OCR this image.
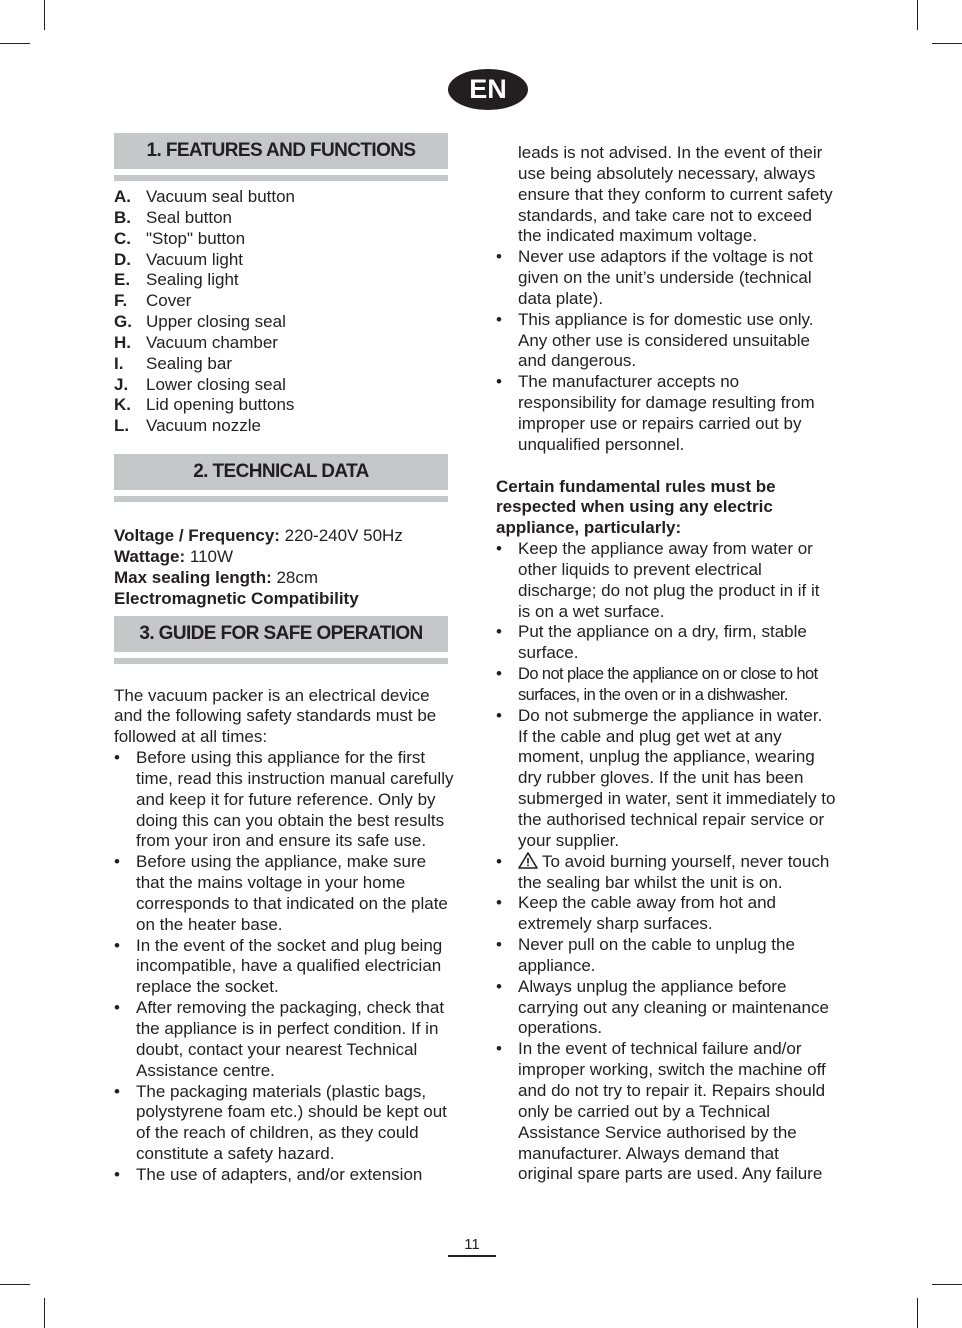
EN
1. FEATURES AND FUNCTIONS
A. Vacuum seal button
B. Seal button
C. "Stop" button
D. Vacuum light
E. Sealing light
F.	Cover
G. Upper closing seal
H. Vacuum chamber
I.	Sealing bar
J.	Lower closing seal
K. Lid opening buttons
L. Vacuum nozzle
2. TECHNICAL DATA
Voltage / Frequency: 220-240V 50Hz
Wattage: 110W
Max sealing length: 28cm
Electromagnetic Compatibility
3. GUIDE FOR SAFE OPERATION

The vacuum packer is an electrical device and the following safety standards must be followed at all times:

• Before using this appliance for the first time, read this instruction manual carefully and keep it for future reference. Only by doing this can you obtain the best results from your iron and ensure its safe use.
• Before using the appliance, make sure that the mains voltage in your home corresponds to that indicated on the plate on the heater base.
• In the event of the socket and plug being incompatible, have a qualified electrician replace the socket.
• After removing the packaging, check that the appliance is in perfect condition. If in doubt, contact your nearest Technical Assistance centre.
• The packaging materials (plastic bags, polystyrene foam etc.) should be kept out of the reach of children, as they could constitute a safety hazard.
• The use of adapters, and/or extension
leads is not advised. In the event of their use being absolutely necessary, always ensure that they conform to current safety standards, and take care not to exceed the indicated maximum voltage.
• Never use adaptors if the voltage is not given on the unit’s underside (technical data plate).
• This appliance is for domestic use only. Any other use is considered unsuitable and dangerous.
• The manufacturer accepts no responsibility for damage resulting from improper use or repairs carried out by unqualified personnel.
Certain fundamental rules must be respected when using any electric appliance, particularly:
• Keep the appliance away from water or other liquids to prevent electrical discharge; do not plug the product in if it is on a wet surface.
• Put the appliance on a dry, firm, stable surface.
• Do not place the appliance on or close to hot surfaces, in the oven or in a dishwasher.
• Do not submerge the appliance in water. If the cable and plug get wet at any moment, unplug the appliance, wearing dry rubber gloves. If the unit has been submerged in water, sent it immediately to the authorised technical repair service or your supplier.
• To avoid burning yourself, never touch the sealing bar whilst the unit is on.
• Keep the cable away from hot and extremely sharp surfaces.
• Never pull on the cable to unplug the appliance.
• Always unplug the appliance before carrying out any cleaning or maintenance operations.
• In the event of technical failure and/or improper working, switch the machine off and do not try to repair it. Repairs should only be carried out by a Technical Assistance Service authorised by the manufacturer. Always demand that original spare parts are used. Any failure
11
